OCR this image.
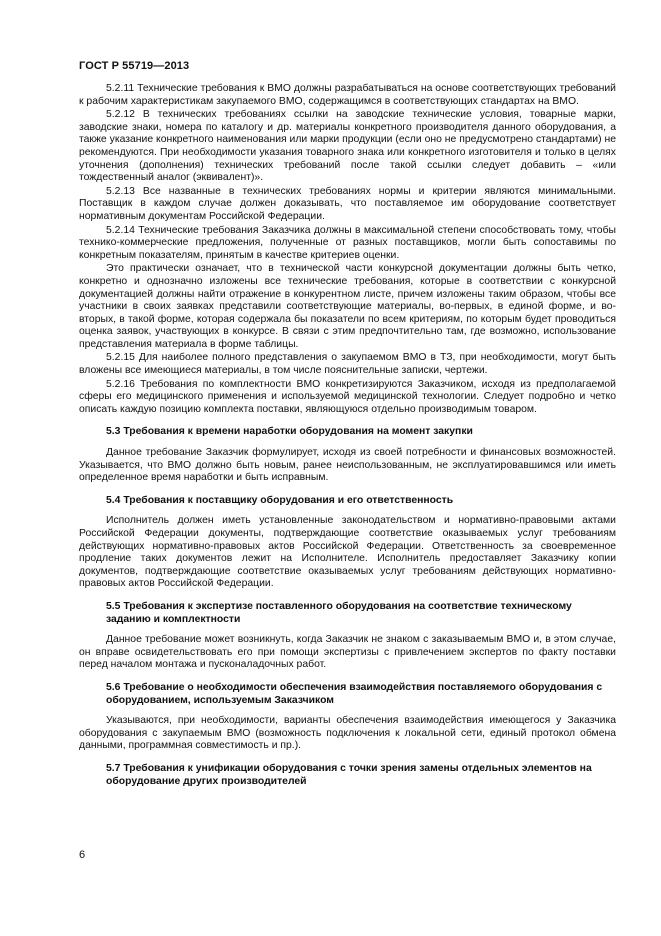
ГОСТ Р 55719—2013

5.2.11 Технические требования к ВМО должны разрабатываться на основе соответствующих требований к рабочим характеристикам закупаемого ВМО, содержащимся в соответствующих стандартах на ВМО.

5.2.12 В технических требованиях ссылки на заводские технические условия, товарные марки, заводские знаки, номера по каталогу и др. материалы конкретного производителя данного оборудования, а также указание конкретного наименования или марки продукции (если оно не предусмотрено стандартами) не рекомендуются. При необходимости указания товарного знака или конкретного изготовителя и только в целях уточнения (дополнения) технических требований после такой ссылки следует добавить – «или тождественный аналог (эквивалент)».

5.2.13 Все названные в технических требованиях нормы и критерии являются минимальными. Поставщик в каждом случае должен доказывать, что поставляемое им оборудование соответствует нормативным документам Российской Федерации.

5.2.14 Технические требования Заказчика должны в максимальной степени способствовать тому, чтобы технико-коммерческие предложения, полученные от разных поставщиков, могли быть сопоставимы по конкретным показателям, принятым в качестве критериев оценки.

Это практически означает, что в технической части конкурсной документации должны быть четко, конкретно и однозначно изложены все технические требования, которые в соответствии с конкурсной документацией должны найти отражение в конкурентном листе, причем изложены таким образом, чтобы все участники в своих заявках представили соответствующие материалы, во-первых, в единой форме, и во-вторых, в такой форме, которая содержала бы показатели по всем критериям, по которым будет проводиться оценка заявок, участвующих в конкурсе. В связи с этим предпочтительно там, где возможно, использование представления материала в форме таблицы.

5.2.15 Для наиболее полного представления о закупаемом ВМО в ТЗ, при необходимости, могут быть вложены все имеющиеся материалы, в том числе пояснительные записки, чертежи.

5.2.16 Требования по комплектности ВМО конкретизируются Заказчиком, исходя из предполагаемой сферы его медицинского применения и используемой медицинской технологии. Следует подробно и четко описать каждую позицию комплекта поставки, являющуюся отдельно производимым товаром.

5.3 Требования к времени наработки оборудования на момент закупки

Данное требование Заказчик формулирует, исходя из своей потребности и финансовых возможностей. Указывается, что ВМО должно быть новым, ранее неиспользованным, не эксплуатировавшимся или иметь определенное время наработки и быть исправным.

5.4 Требования к поставщику оборудования и его ответственность

Исполнитель должен иметь установленные законодательством и нормативно-правовыми актами Российской Федерации документы, подтверждающие соответствие оказываемых услуг требованиям действующих нормативно-правовых актов Российской Федерации. Ответственность за своевременное продление таких документов лежит на Исполнителе. Исполнитель предоставляет Заказчику копии документов, подтверждающие соответствие оказываемых услуг требованиям действующих нормативно-правовых актов Российской Федерации.

5.5 Требования к экспертизе поставленного оборудования на соответствие техническому заданию и комплектности

Данное требование может возникнуть, когда Заказчик не знаком с заказываемым ВМО и, в этом случае, он вправе освидетельствовать его при помощи экспертизы с привлечением экспертов по факту поставки перед началом монтажа и пусконаладочных работ.

5.6 Требование о необходимости обеспечения взаимодействия поставляемого оборудования с оборудованием, используемым Заказчиком

Указываются, при необходимости, варианты обеспечения взаимодействия имеющегося у Заказчика оборудования с закупаемым ВМО (возможность подключения к локальной сети, единый протокол обмена данными, программная совместимость и пр.).

5.7 Требования к унификации оборудования с точки зрения замены отдельных элементов на оборудование других производителей
6
